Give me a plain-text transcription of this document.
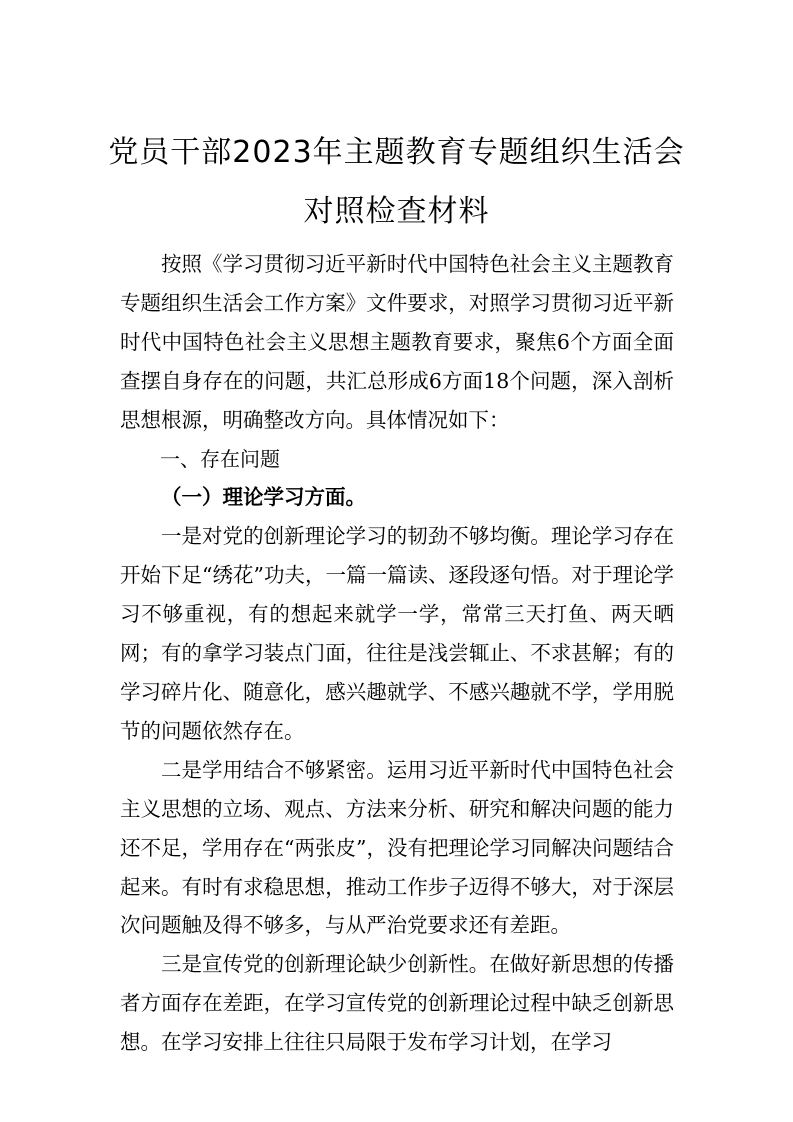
党员干部2023年主题教育专题组织生活会
对照检查材料

按照《学习贯彻习近平新时代中国特色社会主义主题教育专题组织生活会工作方案》文件要求，对照学习贯彻习近平新时代中国特色社会主义思想主题教育要求，聚焦6个方面全面查摆自身存在的问题，共汇总形成6方面18个问题，深入剖析思想根源，明确整改方向。具体情况如下：

一、存在问题

（一）理论学习方面。

一是对党的创新理论学习的韧劲不够均衡。理论学习存在开始下足“绣花”功夫，一篇一篇读、逐段逐句悟。对于理论学习不够重视，有的想起来就学一学，常常三天打鱼、两天晒网；有的拿学习装点门面，往往是浅尝辄止、不求甚解；有的学习碎片化、随意化，感兴趣就学、不感兴趣就不学，学用脱节的问题依然存在。

二是学用结合不够紧密。运用习近平新时代中国特色社会主义思想的立场、观点、方法来分析、研究和解决问题的能力还不足，学用存在“两张皮”，没有把理论学习同解决问题结合起来。有时有求稳思想，推动工作步子迈得不够大，对于深层次问题触及得不够多，与从严治党要求还有差距。

三是宣传党的创新理论缺少创新性。在做好新思想的传播者方面存在差距，在学习宣传党的创新理论过程中缺乏创新思想。在学习安排上往往只局限于发布学习计划，在学习
